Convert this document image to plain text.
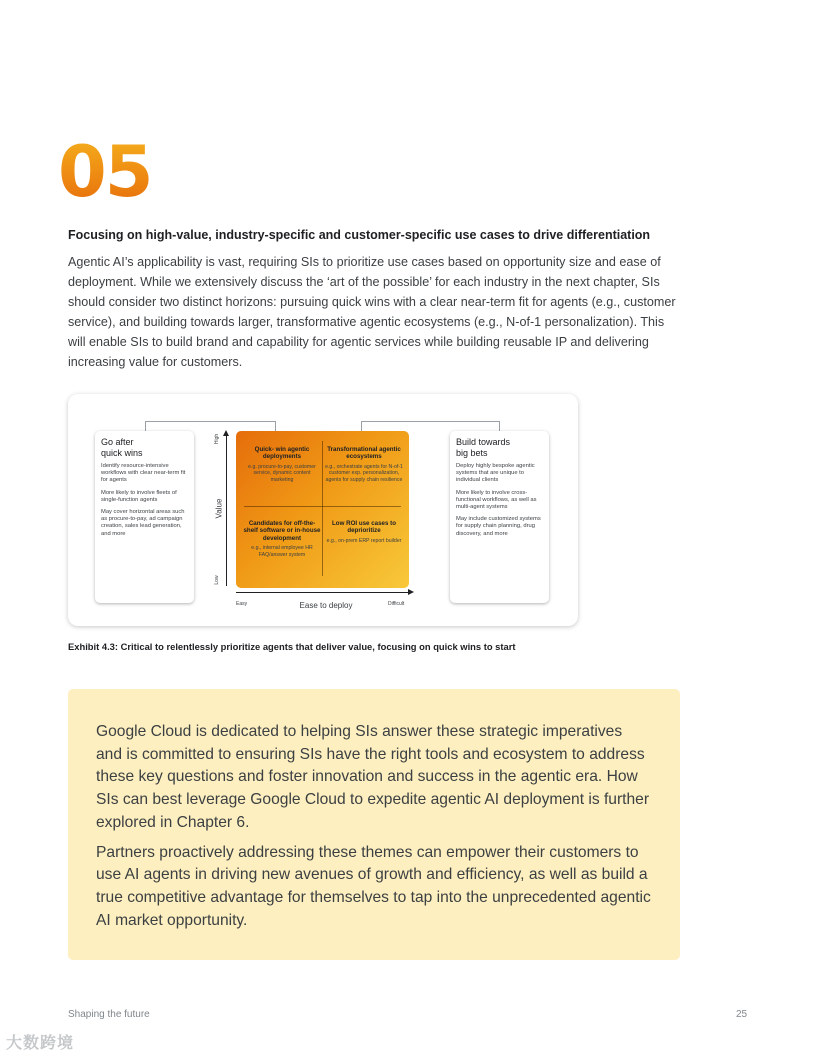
05
Focusing on high-value, industry-specific and customer-specific use cases to drive differentiation
Agentic AI’s applicability is vast, requiring SIs to prioritize use cases based on opportunity size and ease of deployment. While we extensively discuss the ‘art of the possible’ for each industry in the next chapter, SIs should consider two distinct horizons: pursuing quick wins with a clear near-term fit for agents (e.g., customer service), and building towards larger, transformative agentic ecosystems (e.g., N-of-1 personalization). This will enable SIs to build brand and capability for agentic services while building reusable IP and delivering increasing value for customers.
Go after
quick wins
Identify resource-intensive workflows with clear near-term fit for agents
More likely to involve fleets of single-function agents
May cover horizontal areas such as procure-to-pay, ad campaign creation, sales lead generation, and more
Build towards
big bets
Deploy highly bespoke agentic systems that are unique to individual clients
More likely to involve cross-functional workflows, as well as multi-agent systems
May include customized systems for supply chain planning, drug discovery, and more
Value
High
Low
Quick- win agentic deployments
e.g. procure-to-pay, customer service, dynamic content marketing
Transformational agentic ecosystems
e.g., orchestrate agents for N-of-1 customer exp. personalization, agents for supply chain resilience
Candidates for off-the-shelf software or in-house development
e.g., internal employee HR FAQ/answer system
Low ROI use cases to deprioritize
e.g., on-prem ERP report builder
Easy	Ease to deploy	Difficult
Exhibit 4.3: Critical to relentlessly prioritize agents that deliver value, focusing on quick wins to start

Google Cloud is dedicated to helping SIs answer these strategic imperatives and is committed to ensuring SIs have the right tools and ecosystem to address these key questions and foster innovation and success in the agentic era. How SIs can best leverage Google Cloud to expedite agentic AI deployment is further explored in Chapter 6.

Partners proactively addressing these themes can empower their customers to use AI agents in driving new avenues of growth and efficiency, as well as build a true competitive advantage for themselves to tap into the unprecedented agentic AI market opportunity.

Shaping the future	25
大数跨境
